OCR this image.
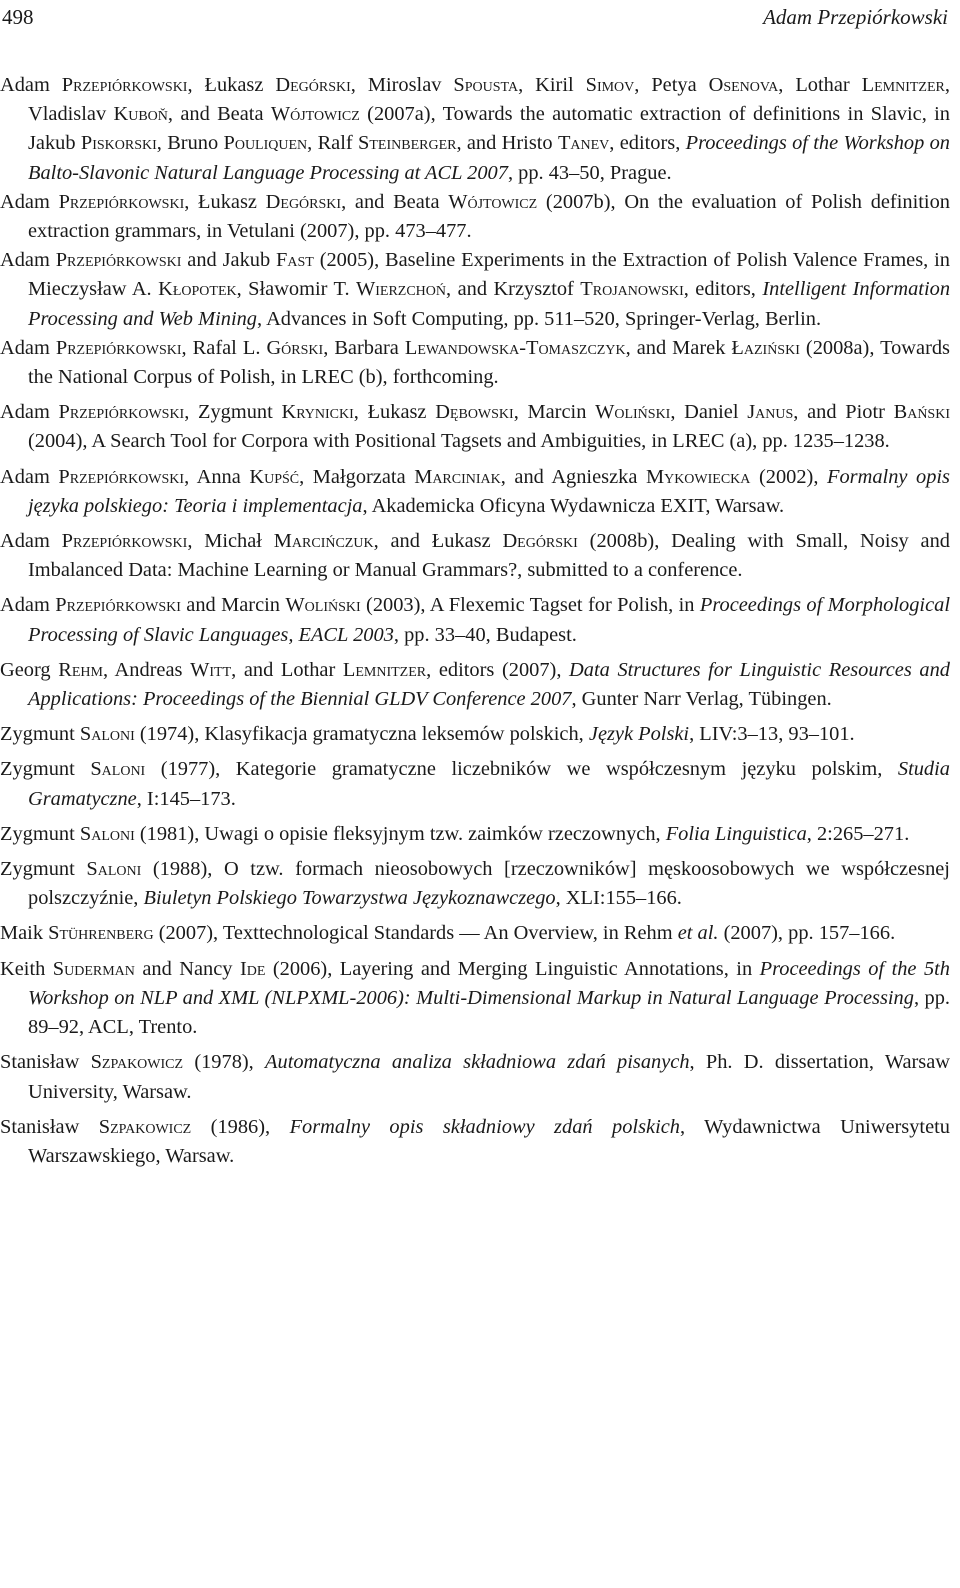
498	Adam Przepiórkowski

Adam Przepiórkowski, Łukasz Degórski, Miroslav Spousta, Kiril Simov, Petya Osenova, Lothar Lemnitzer, Vladislav Kuboň, and Beata Wójtowicz (2007a), Towards the automatic extraction of definitions in Slavic, in Jakub Piskorski, Bruno Pouliquen, Ralf Steinberger, and Hristo Tanev, editors, Proceedings of the Workshop on Balto-Slavonic Natural Language Processing at ACL 2007, pp. 43–50, Prague.

Adam Przepiórkowski, Łukasz Degórski, and Beata Wójtowicz (2007b), On the evaluation of Polish definition extraction grammars, in Vetulani (2007), pp. 473–477.

Adam Przepiórkowski and Jakub Fast (2005), Baseline Experiments in the Extraction of Polish Valence Frames, in Mieczysław A. Kłopotek, Sławomir T. Wierzchoń, and Krzysztof Trojanowski, editors, Intelligent Information Processing and Web Mining, Advances in Soft Computing, pp. 511–520, Springer-Verlag, Berlin.

Adam Przepiórkowski, Rafal L. Górski, Barbara Lewandowska-Tomaszczyk, and Marek Łaziński (2008a), Towards the National Corpus of Polish, in LREC (b), forthcoming.

Adam Przepiórkowski, Zygmunt Krynicki, Łukasz Dębowski, Marcin Woliński, Daniel Janus, and Piotr Bański (2004), A Search Tool for Corpora with Positional Tagsets and Ambiguities, in LREC (a), pp. 1235–1238.

Adam Przepiórkowski, Anna Kupść, Małgorzata Marciniak, and Agnieszka Mykowiecka (2002), Formalny opis języka polskiego: Teoria i implementacja, Akademicka Oficyna Wydawnicza EXIT, Warsaw.

Adam Przepiórkowski, Michał Marcińczuk, and Łukasz Degórski (2008b), Dealing with Small, Noisy and Imbalanced Data: Machine Learning or Manual Grammars?, submitted to a conference.

Adam Przepiórkowski and Marcin Woliński (2003), A Flexemic Tagset for Polish, in Proceedings of Morphological Processing of Slavic Languages, EACL 2003, pp. 33–40, Budapest.

Georg Rehm, Andreas Witt, and Lothar Lemnitzer, editors (2007), Data Structures for Linguistic Resources and Applications: Proceedings of the Biennial GLDV Conference 2007, Gunter Narr Verlag, Tübingen.

Zygmunt Saloni (1974), Klasyfikacja gramatyczna leksemów polskich, Język Polski, LIV:3–13, 93–101.

Zygmunt Saloni (1977), Kategorie gramatyczne liczebników we współczesnym języku polskim, Studia Gramatyczne, I:145–173.

Zygmunt Saloni (1981), Uwagi o opisie fleksyjnym tzw. zaimków rzeczownych, Folia Linguistica, 2:265–271.

Zygmunt Saloni (1988), O tzw. formach nieosobowych [rzeczowników] męskoosobowych we współczesnej polszczyźnie, Biuletyn Polskiego Towarzystwa Językoznawczego, XLI:155–166.

Maik Stührenberg (2007), Texttechnological Standards — An Overview, in Rehm et al. (2007), pp. 157–166.

Keith Suderman and Nancy Ide (2006), Layering and Merging Linguistic Annotations, in Proceedings of the 5th Workshop on NLP and XML (NLPXML-2006): Multi-Dimensional Markup in Natural Language Processing, pp. 89–92, ACL, Trento.

Stanisław Szpakowicz (1978), Automatyczna analiza składniowa zdań pisanych, Ph. D. dissertation, Warsaw University, Warsaw.

Stanisław Szpakowicz (1986), Formalny opis składniowy zdań polskich, Wydawnictwa Uniwersytetu Warszawskiego, Warsaw.
